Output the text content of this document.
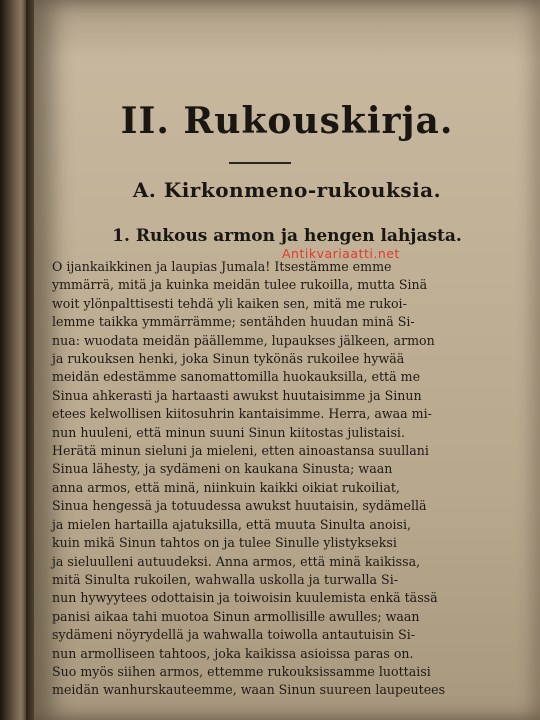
II. Rukouskirja.
A. Kirkonmeno-rukouksia.
1. Rukous armon ja hengen lahjasta.
O ijankaikkinen ja laupias Jumala! Itsestämme emme
ymmärrä, mitä ja kuinka meidän tulee rukoilla, mutta Sinä
woit ylönpalttisesti tehdä yli kaiken sen, mitä me rukoi-
lemme taikka ymmärrämme; sentähden huudan minä Si-
nua: wuodata meidän päällemme, lupaukses jälkeen, armon
ja rukouksen henki, joka Sinun tykönäs rukoilee hywää
meidän edestämme sanomattomilla huokauksilla, että me
Sinua ahkerasti ja hartaasti awukst huutaisimme ja Sinun
etees kelwollisen kiitosuhrin kantaisimme. Herra, awaa mi-
nun huuleni, että minun suuni Sinun kiitostas julistaisi.
Herätä minun sieluni ja mieleni, etten ainoastansa suullani
Sinua lähesty, ja sydämeni on kaukana Sinusta; waan
anna armos, että minä, niinkuin kaikki oikiat rukoiliat,
Sinua hengessä ja totuudessa awukst huutaisin, sydämellä
ja mielen hartailla ajatuksilla, että muuta Sinulta anoisi,
kuin mikä Sinun tahtos on ja tulee Sinulle ylistykseksi
ja sieluulleni autuudeksi. Anna armos, että minä kaikissa,
mitä Sinulta rukoilen, wahwalla uskolla ja turwalla Si-
nun hywyytees odottaisin ja toiwoisin kuulemista enkä tässä
panisi aikaa tahi muotoa Sinun armollisille awulles; waan
sydämeni nöyrydellä ja wahwalla toiwolla antautuisin Si-
nun armolliseen tahtoos, joka kaikissa asioissa paras on.
Suo myös siihen armos, ettemme rukouksissamme luottaisi
meidän wanhurskauteemme, waan Sinun suureen laupeutees
Antikvariaatti.net
